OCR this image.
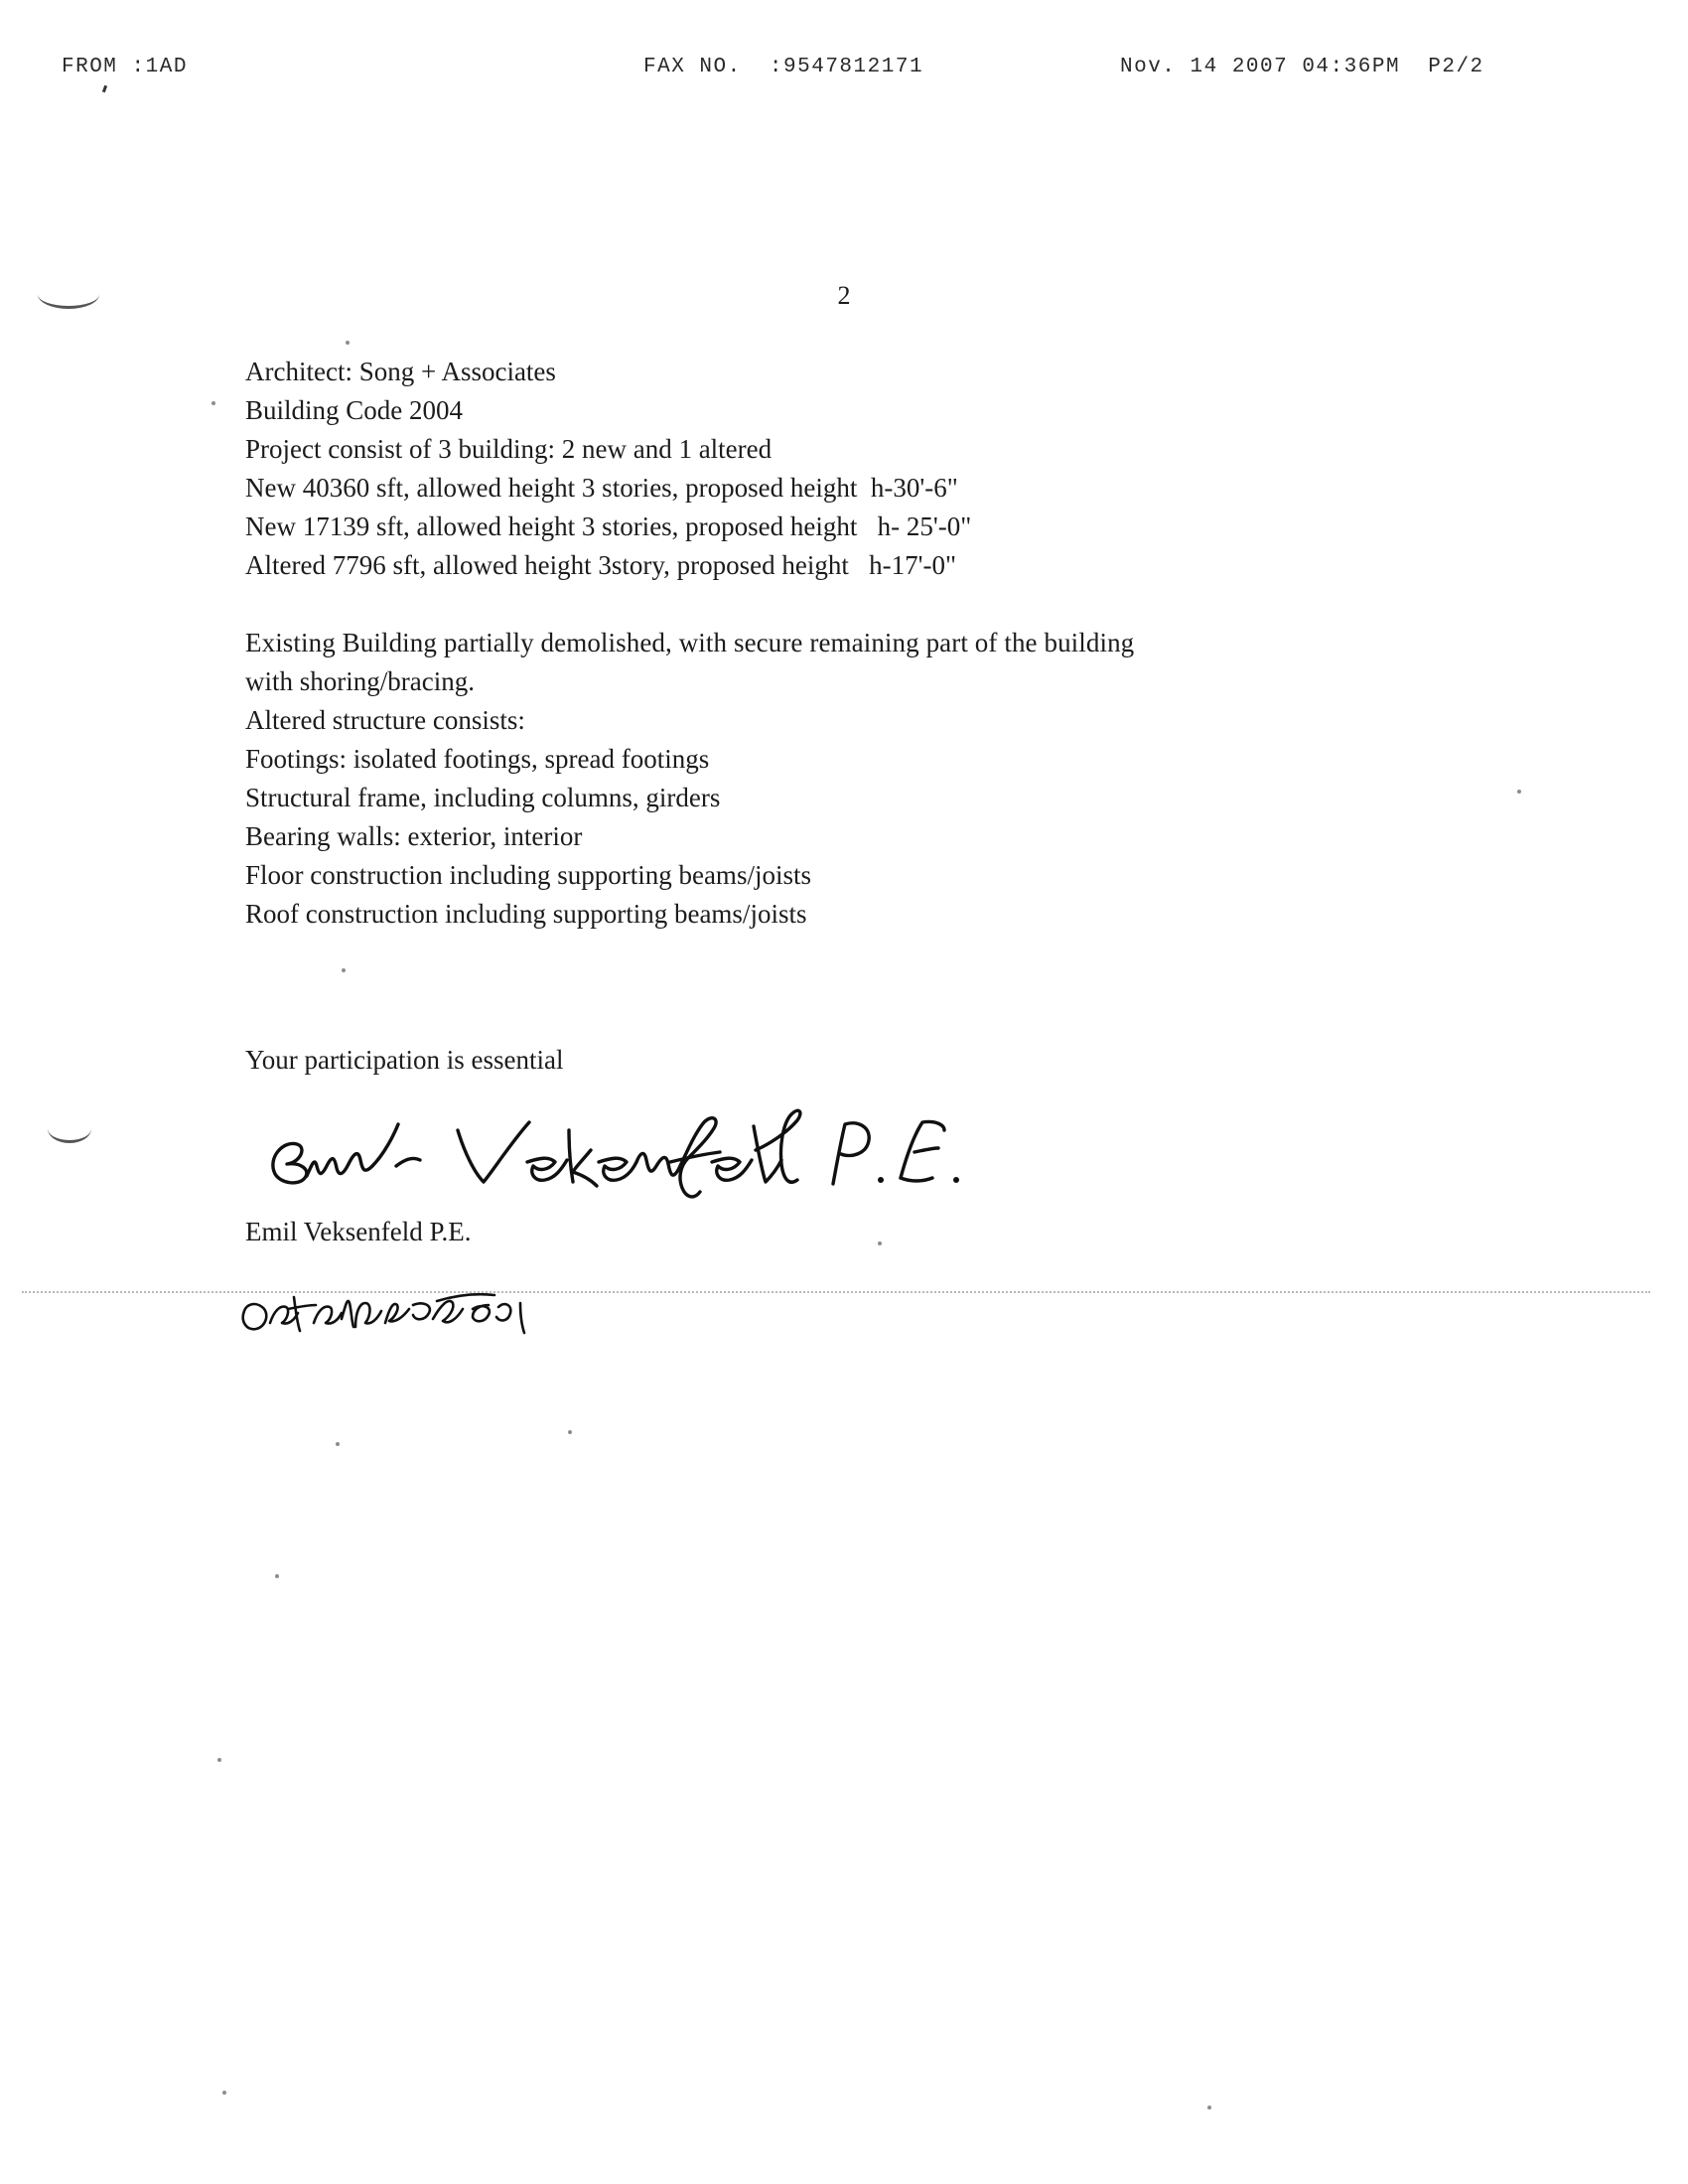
FROM :1AD	FAX NO.  :9547812171	Nov. 14 2007 04:36PM  P2/2
2

Architect: Song + Associates

Building Code 2004

Project consist of 3 building: 2 new and 1 altered

New 40360 sft, allowed height 3 stories, proposed height  h-30'-6"

New 17139 sft, allowed height 3 stories, proposed height   h- 25'-0"

Altered 7796 sft, allowed height 3story, proposed height   h-17'-0"

Existing Building partially demolished, with secure remaining part of the building

with shoring/bracing.

Altered structure consists:

Footings: isolated footings, spread footings

Structural frame, including columns, girders

Bearing walls: exterior, interior

Floor construction including supporting beams/joists

Roof construction including supporting beams/joists

Your participation is essential

Emil Veksenfeld P.E.
